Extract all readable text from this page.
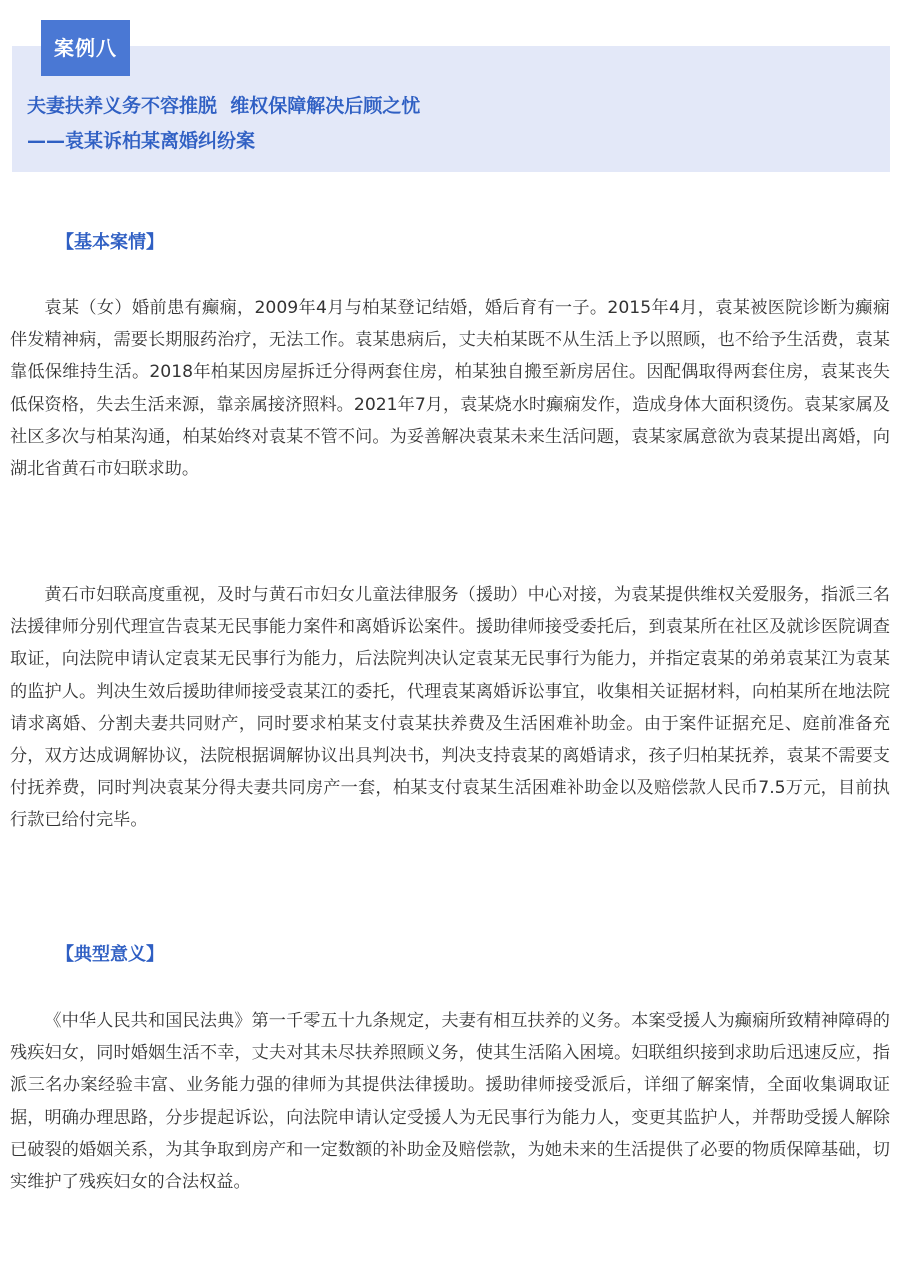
案例八
夫妻扶养义务不容推脱  维权保障解决后顾之忧
——袁某诉柏某离婚纠纷案
【基本案情】
袁某（女）婚前患有癫痫，2009年4月与柏某登记结婚，婚后育有一子。2015年4月，袁某被医院诊断为癫痫伴发精神病，需要长期服药治疗，无法工作。袁某患病后，丈夫柏某既不从生活上予以照顾，也不给予生活费，袁某靠低保维持生活。2018年柏某因房屋拆迁分得两套住房，柏某独自搬至新房居住。因配偶取得两套住房，袁某丧失低保资格，失去生活来源，靠亲属接济照料。2021年7月，袁某烧水时癫痫发作，造成身体大面积烫伤。袁某家属及社区多次与柏某沟通，柏某始终对袁某不管不问。为妥善解决袁某未来生活问题，袁某家属意欲为袁某提出离婚，向湖北省黄石市妇联求助。
黄石市妇联高度重视，及时与黄石市妇女儿童法律服务（援助）中心对接，为袁某提供维权关爱服务，指派三名法援律师分别代理宣告袁某无民事能力案件和离婚诉讼案件。援助律师接受委托后，到袁某所在社区及就诊医院调查取证，向法院申请认定袁某无民事行为能力，后法院判决认定袁某无民事行为能力，并指定袁某的弟弟袁某江为袁某的监护人。判决生效后援助律师接受袁某江的委托，代理袁某离婚诉讼事宜，收集相关证据材料，向柏某所在地法院请求离婚、分割夫妻共同财产，同时要求柏某支付袁某扶养费及生活困难补助金。由于案件证据充足、庭前准备充分，双方达成调解协议，法院根据调解协议出具判决书，判决支持袁某的离婚请求，孩子归柏某抚养，袁某不需要支付抚养费，同时判决袁某分得夫妻共同房产一套，柏某支付袁某生活困难补助金以及赔偿款人民币7.5万元，目前执行款已给付完毕。
【典型意义】
《中华人民共和国民法典》第一千零五十九条规定，夫妻有相互扶养的义务。本案受援人为癫痫所致精神障碍的残疾妇女，同时婚姻生活不幸，丈夫对其未尽扶养照顾义务，使其生活陷入困境。妇联组织接到求助后迅速反应，指派三名办案经验丰富、业务能力强的律师为其提供法律援助。援助律师接受派后，详细了解案情，全面收集调取证据，明确办理思路，分步提起诉讼，向法院申请认定受援人为无民事行为能力人，变更其监护人，并帮助受援人解除已破裂的婚姻关系，为其争取到房产和一定数额的补助金及赔偿款，为她未来的生活提供了必要的物质保障基础，切实维护了残疾妇女的合法权益。
